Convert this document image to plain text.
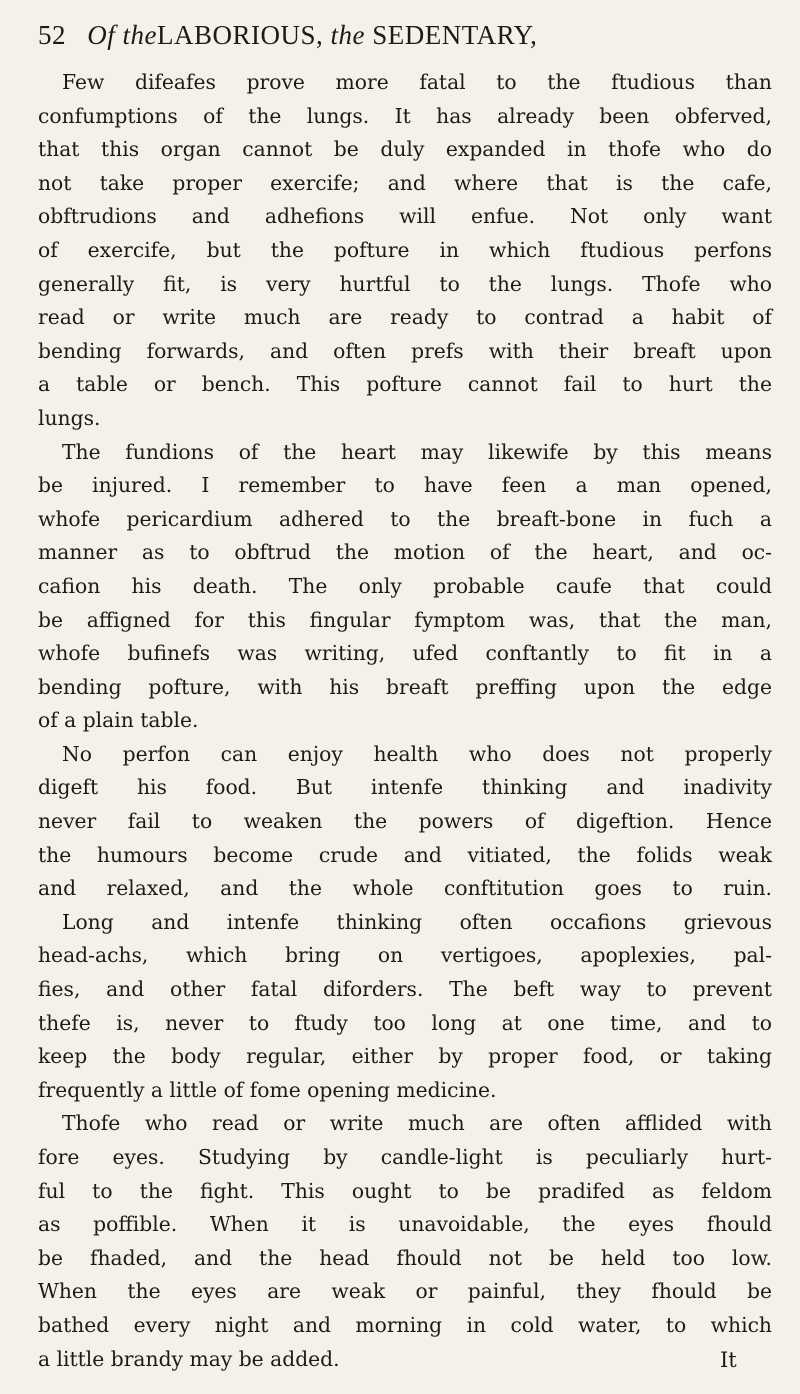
52 Of theLABORIOUS, the SEDENTARY,
Few difeafes prove more fatal to the ftudious than
confumptions of the lungs. It has already been obferved,
that this organ cannot be duly expanded in thofe who do
not take proper exercife; and where that is the cafe,
obftrudions and adhefions will enfue. Not only want
of exercife, but the pofture in which ftudious perfons
generally fit, is very hurtful to the lungs. Thofe who
read or write much are ready to contrad a habit of
bending forwards, and often prefs with their breaft upon
a table or bench. This pofture cannot fail to hurt the
lungs.
The fundions of the heart may likewife by this means
be injured. I remember to have feen a man opened,
whofe pericardium adhered to the breaft-bone in fuch a
manner as to obftrud the motion of the heart, and oc-
cafion his death. The only probable caufe that could
be affigned for this fingular fymptom was, that the man,
whofe bufinefs was writing, ufed conftantly to fit in a
bending pofture, with his breaft preffing upon the edge
of a plain table.
No perfon can enjoy health who does not properly
digeft his food. But intenfe thinking and inadivity
never fail to weaken the powers of digeftion. Hence
the humours become crude and vitiated, the folids weak
and relaxed, and the whole conftitution goes to ruin.
Long and intenfe thinking often occafions grievous
head-achs, which bring on vertigoes, apoplexies, pal-
fies, and other fatal diforders. The beft way to prevent
thefe is, never to ftudy too long at one time, and to
keep the body regular, either by proper food, or taking
frequently a little of fome opening medicine.
Thofe who read or write much are often afflided with
fore eyes. Studying by candle-light is peculiarly hurt-
ful to the fight. This ought to be pradifed as feldom
as poffible. When it is unavoidable, the eyes fhould
be fhaded, and the head fhould not be held too low.
When the eyes are weak or painful, they fhould be
bathed every night and morning in cold water, to which
a little brandy may be added.	It
